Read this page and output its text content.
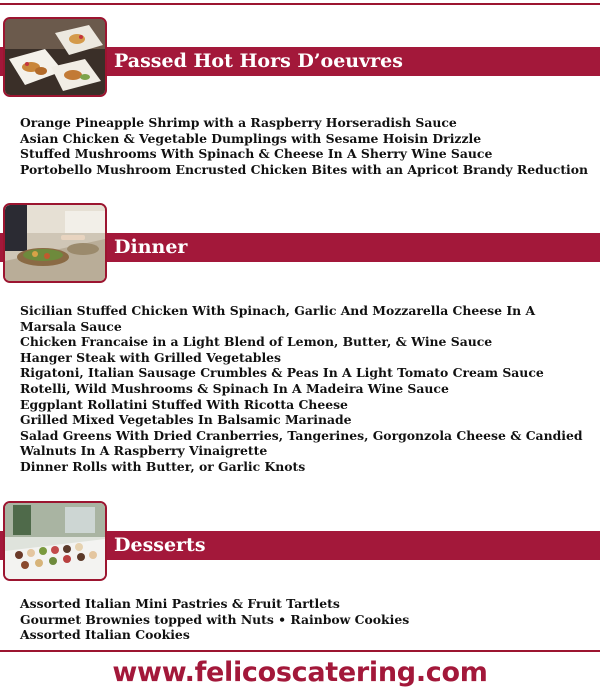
Passed Hot Hors D’oeuvres
Orange Pineapple Shrimp with a Raspberry Horseradish Sauce
Asian Chicken & Vegetable Dumplings with Sesame Hoisin Drizzle
Stuffed Mushrooms With Spinach & Cheese In A Sherry Wine Sauce
Portobello Mushroom Encrusted Chicken Bites with an Apricot Brandy Reduction
Dinner
Sicilian Stuffed Chicken With Spinach, Garlic And Mozzarella Cheese In A Marsala Sauce
Chicken Francaise in a Light Blend of Lemon, Butter, & Wine Sauce
Hanger Steak with Grilled Vegetables
Rigatoni, Italian Sausage Crumbles & Peas In A Light Tomato Cream Sauce
Rotelli, Wild Mushrooms & Spinach In A Madeira Wine Sauce
Eggplant Rollatini Stuffed With Ricotta Cheese
Grilled Mixed Vegetables In Balsamic Marinade
Salad Greens With Dried Cranberries, Tangerines, Gorgonzola Cheese & Candied Walnuts In A Raspberry Vinaigrette
Dinner Rolls with Butter, or Garlic Knots
Desserts
Assorted Italian Mini Pastries & Fruit Tartlets
Gourmet Brownies topped with Nuts • Rainbow Cookies
Assorted Italian Cookies
www.felicoscatering.com
